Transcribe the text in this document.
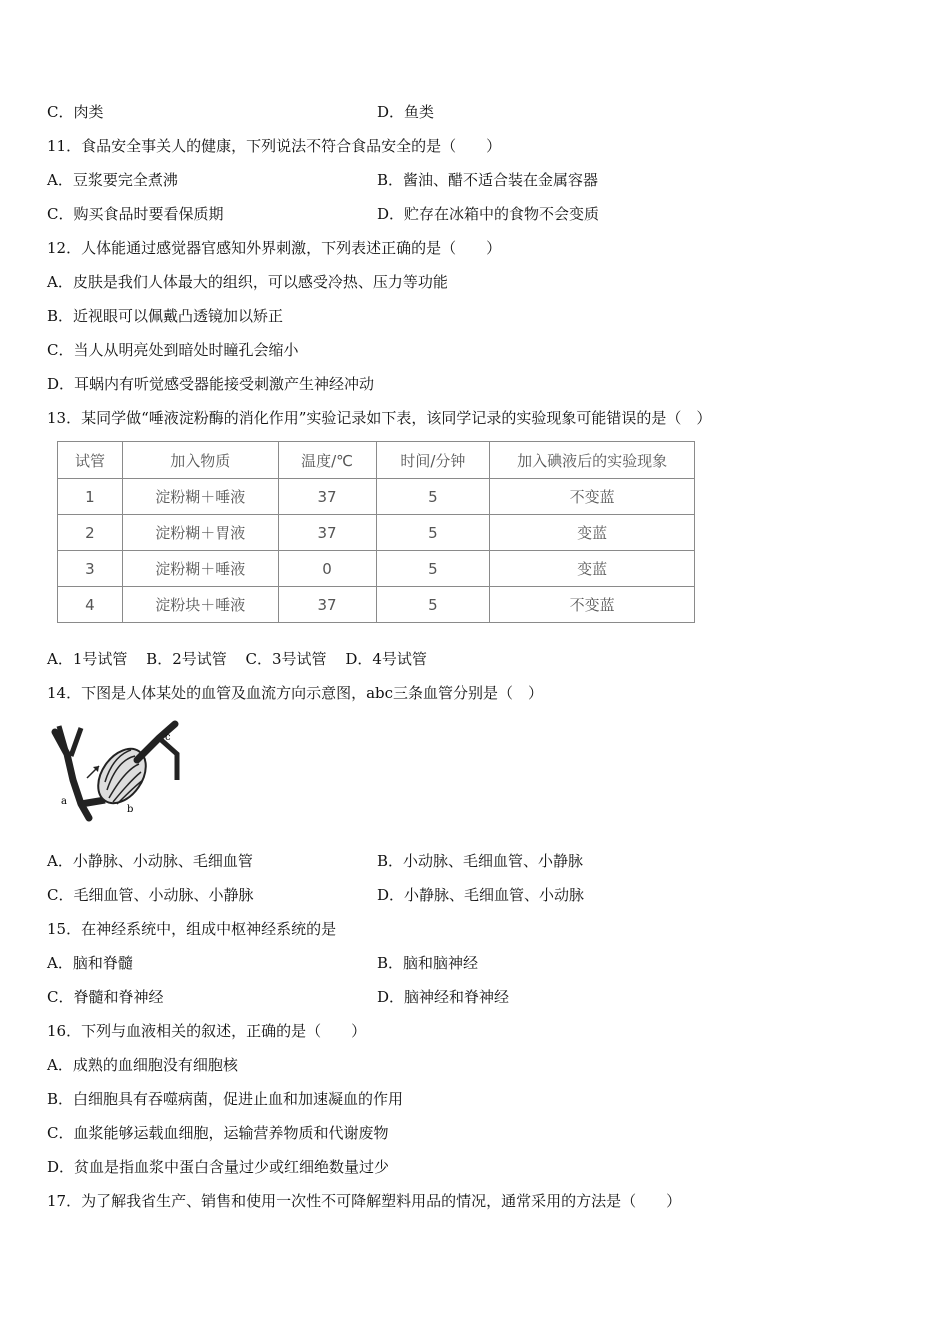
C．肉类	D．鱼类
11．食品安全事关人的健康，下列说法不符合食品安全的是（　　）
A．豆浆要完全煮沸	B．酱油、醋不适合装在金属容器
C．购买食品时要看保质期	D．贮存在冰箱中的食物不会变质
12．人体能通过感觉器官感知外界刺激，下列表述正确的是（　　）
A．皮肤是我们人体最大的组织，可以感受冷热、压力等功能
B．近视眼可以佩戴凸透镜加以矫正
C．当人从明亮处到暗处时瞳孔会缩小
D．耳蜗内有听觉感受器能接受刺激产生神经冲动
13．某同学做“唾液淀粉酶的消化作用”实验记录如下表，该同学记录的实验现象可能错误的是（　）
试管	加入物质	温度/℃	时间/分钟	加入碘液后的实验现象
1	淀粉糊＋唾液	37	5	不变蓝
2	淀粉糊＋胃液	37	5	变蓝
3	淀粉糊＋唾液	0	5	变蓝
4	淀粉块＋唾液	37	5	不变蓝
A．1号试管 B．2号试管 C．3号试管 D．4号试管
14．下图是人体某处的血管及血流方向示意图，abc三条血管分别是（　）
a
b
c
A．小静脉、小动脉、毛细血管	B．小动脉、毛细血管、小静脉
C．毛细血管、小动脉、小静脉	D．小静脉、毛细血管、小动脉
15．在神经系统中，组成中枢神经系统的是
A．脑和脊髓	B．脑和脑神经
C．脊髓和脊神经	D．脑神经和脊神经
16．下列与血液相关的叙述，正确的是（　　）
A．成熟的血细胞没有细胞核
B．白细胞具有吞噬病菌，促进止血和加速凝血的作用
C．血浆能够运载血细胞，运输营养物质和代谢废物
D．贫血是指血浆中蛋白含量过少或红细绝数量过少
17．为了解我省生产、销售和使用一次性不可降解塑料用品的情况，通常采用的方法是（　　）
